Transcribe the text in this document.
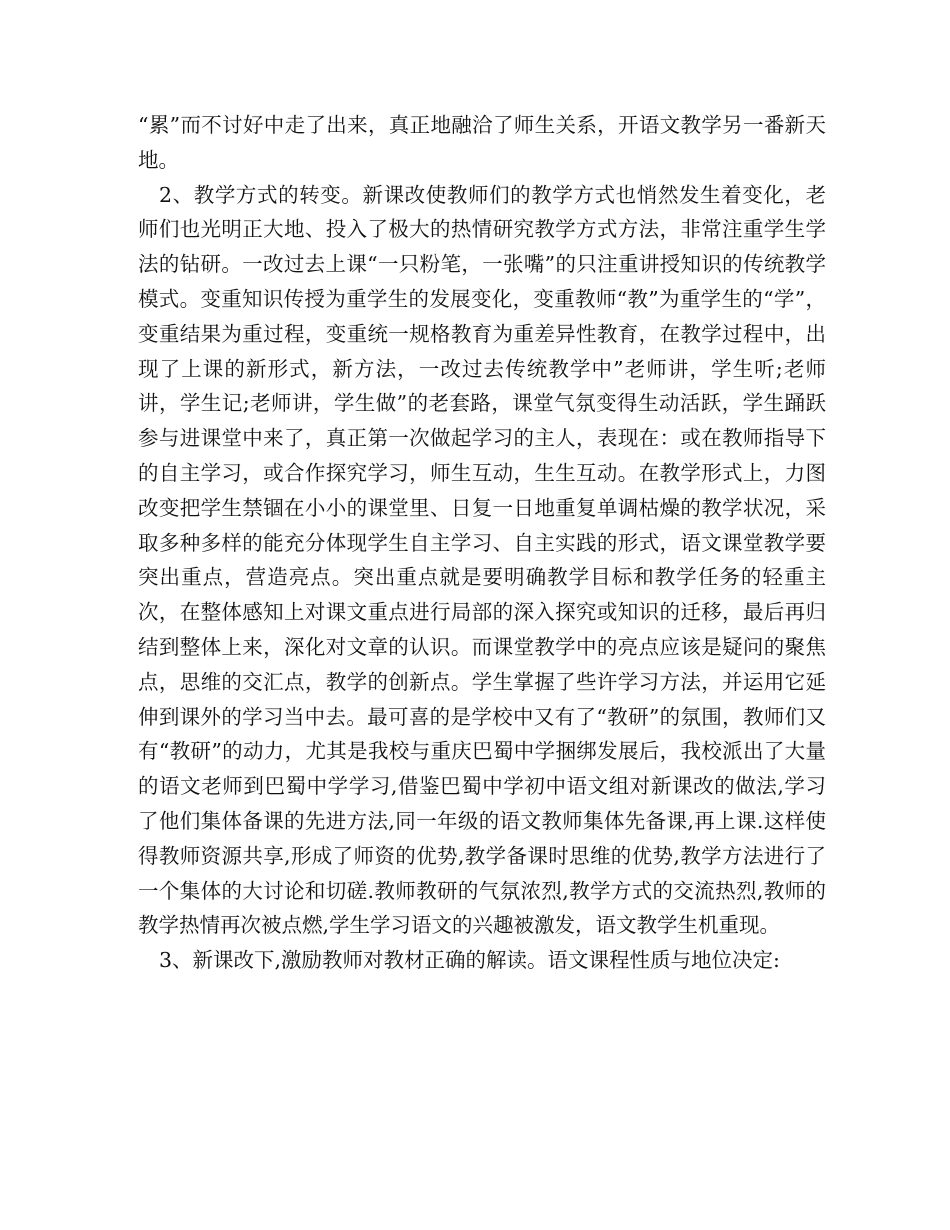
“累”而不讨好中走了出来，真正地融洽了师生关系，开语文教学另一番新天地。

2、教学方式的转变。新课改使教师们的教学方式也悄然发生着变化，老师们也光明正大地、投入了极大的热情研究教学方式方法，非常注重学生学法的钻研。一改过去上课“一只粉笔，一张嘴”的只注重讲授知识的传统教学模式。变重知识传授为重学生的发展变化，变重教师“教”为重学生的“学”，变重结果为重过程，变重统一规格教育为重差异性教育，在教学过程中，出现了上课的新形式，新方法，一改过去传统教学中”老师讲，学生听;老师讲，学生记;老师讲，学生做”的老套路，课堂气氛变得生动活跃，学生踊跃参与进课堂中来了，真正第一次做起学习的主人，表现在：或在教师指导下的自主学习，或合作探究学习，师生互动，生生互动。在教学形式上，力图改变把学生禁锢在小小的课堂里、日复一日地重复单调枯燥的教学状况，采取多种多样的能充分体现学生自主学习、自主实践的形式，语文课堂教学要突出重点，营造亮点。突出重点就是要明确教学目标和教学任务的轻重主次，在整体感知上对课文重点进行局部的深入探究或知识的迁移，最后再归结到整体上来，深化对文章的认识。而课堂教学中的亮点应该是疑问的聚焦点，思维的交汇点，教学的创新点。学生掌握了些许学习方法，并运用它延伸到课外的学习当中去。最可喜的是学校中又有了“教研”的氛围，教师们又有“教研”的动力，尤其是我校与重庆巴蜀中学捆绑发展后，我校派出了大量的语文老师到巴蜀中学学习,借鉴巴蜀中学初中语文组对新课改的做法,学习了他们集体备课的先进方法,同一年级的语文教师集体先备课,再上课.这样使得教师资源共享,形成了师资的优势,教学备课时思维的优势,教学方法进行了一个集体的大讨论和切磋.教师教研的气氛浓烈,教学方式的交流热烈,教师的教学热情再次被点燃,学生学习语文的兴趣被激发，语文教学生机重现。

3、新课改下,激励教师对教材正确的解读。语文课程性质与地位决定:
